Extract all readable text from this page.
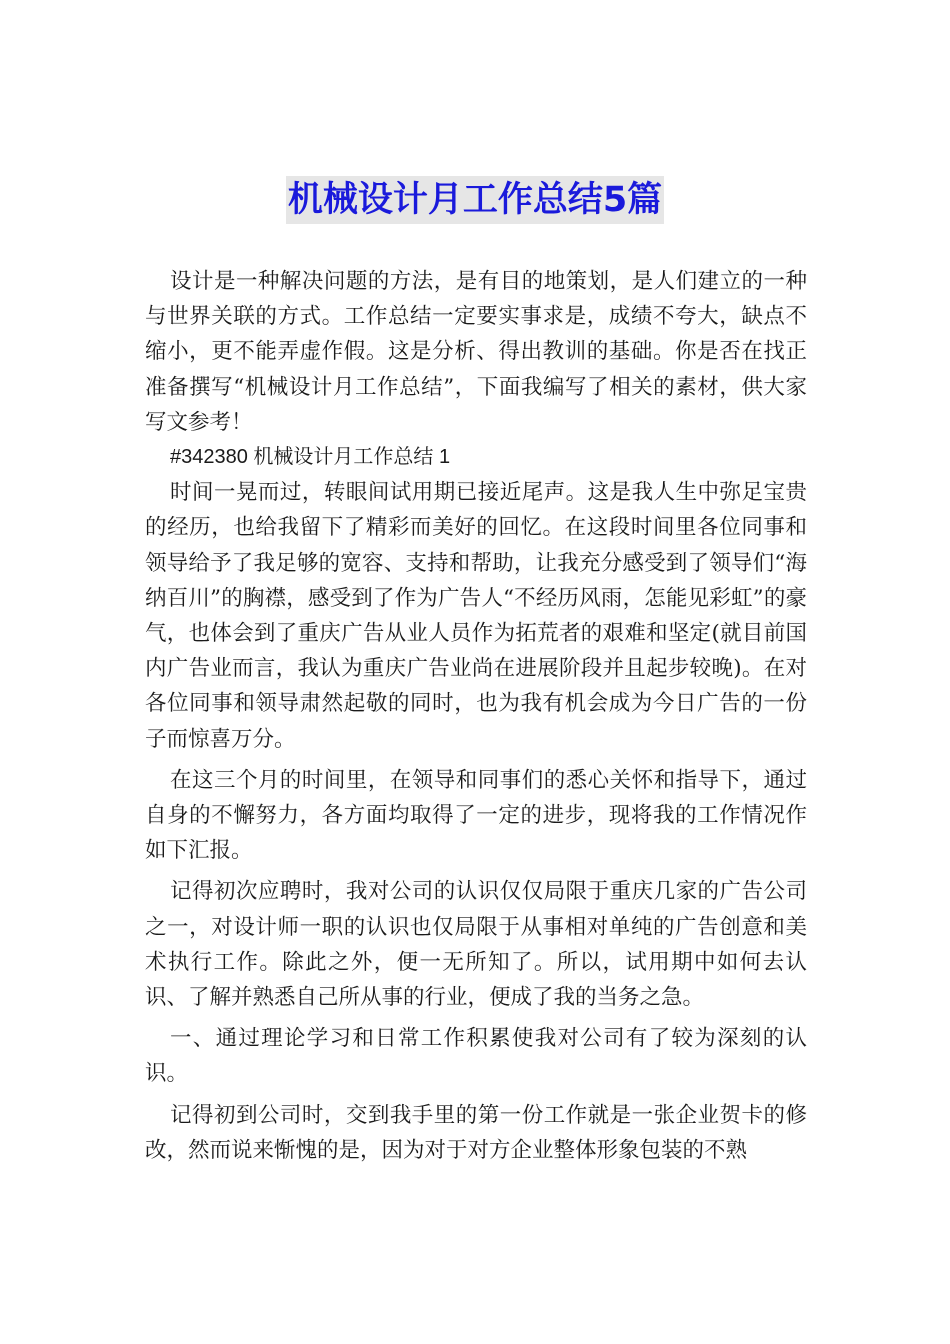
机械设计月工作总结5篇

设计是一种解决问题的方法，是有目的地策划，是人们建立的一种与世界关联的方式。工作总结一定要实事求是，成绩不夸大，缺点不缩小，更不能弄虚作假。这是分析、得出教训的基础。你是否在找正准备撰写“机械设计月工作总结”，下面我编写了相关的素材，供大家写文参考！

#342380 机械设计月工作总结 1

时间一晃而过，转眼间试用期已接近尾声。这是我人生中弥足宝贵的经历，也给我留下了精彩而美好的回忆。在这段时间里各位同事和领导给予了我足够的宽容、支持和帮助，让我充分感受到了领导们“海纳百川”的胸襟，感受到了作为广告人“不经历风雨，怎能见彩虹”的豪气，也体会到了重庆广告从业人员作为拓荒者的艰难和坚定(就目前国内广告业而言，我认为重庆广告业尚在进展阶段并且起步较晚)。在对各位同事和领导肃然起敬的同时，也为我有机会成为今日广告的一份子而惊喜万分。

在这三个月的时间里，在领导和同事们的悉心关怀和指导下，通过自身的不懈努力，各方面均取得了一定的进步，现将我的工作情况作如下汇报。

记得初次应聘时，我对公司的认识仅仅局限于重庆几家的广告公司之一，对设计师一职的认识也仅局限于从事相对单纯的广告创意和美术执行工作。除此之外，便一无所知了。所以，试用期中如何去认识、了解并熟悉自己所从事的行业，便成了我的当务之急。

一、通过理论学习和日常工作积累使我对公司有了较为深刻的认识。

记得初到公司时，交到我手里的第一份工作就是一张企业贺卡的修改，然而说来惭愧的是，因为对于对方企业整体形象包装的不熟
